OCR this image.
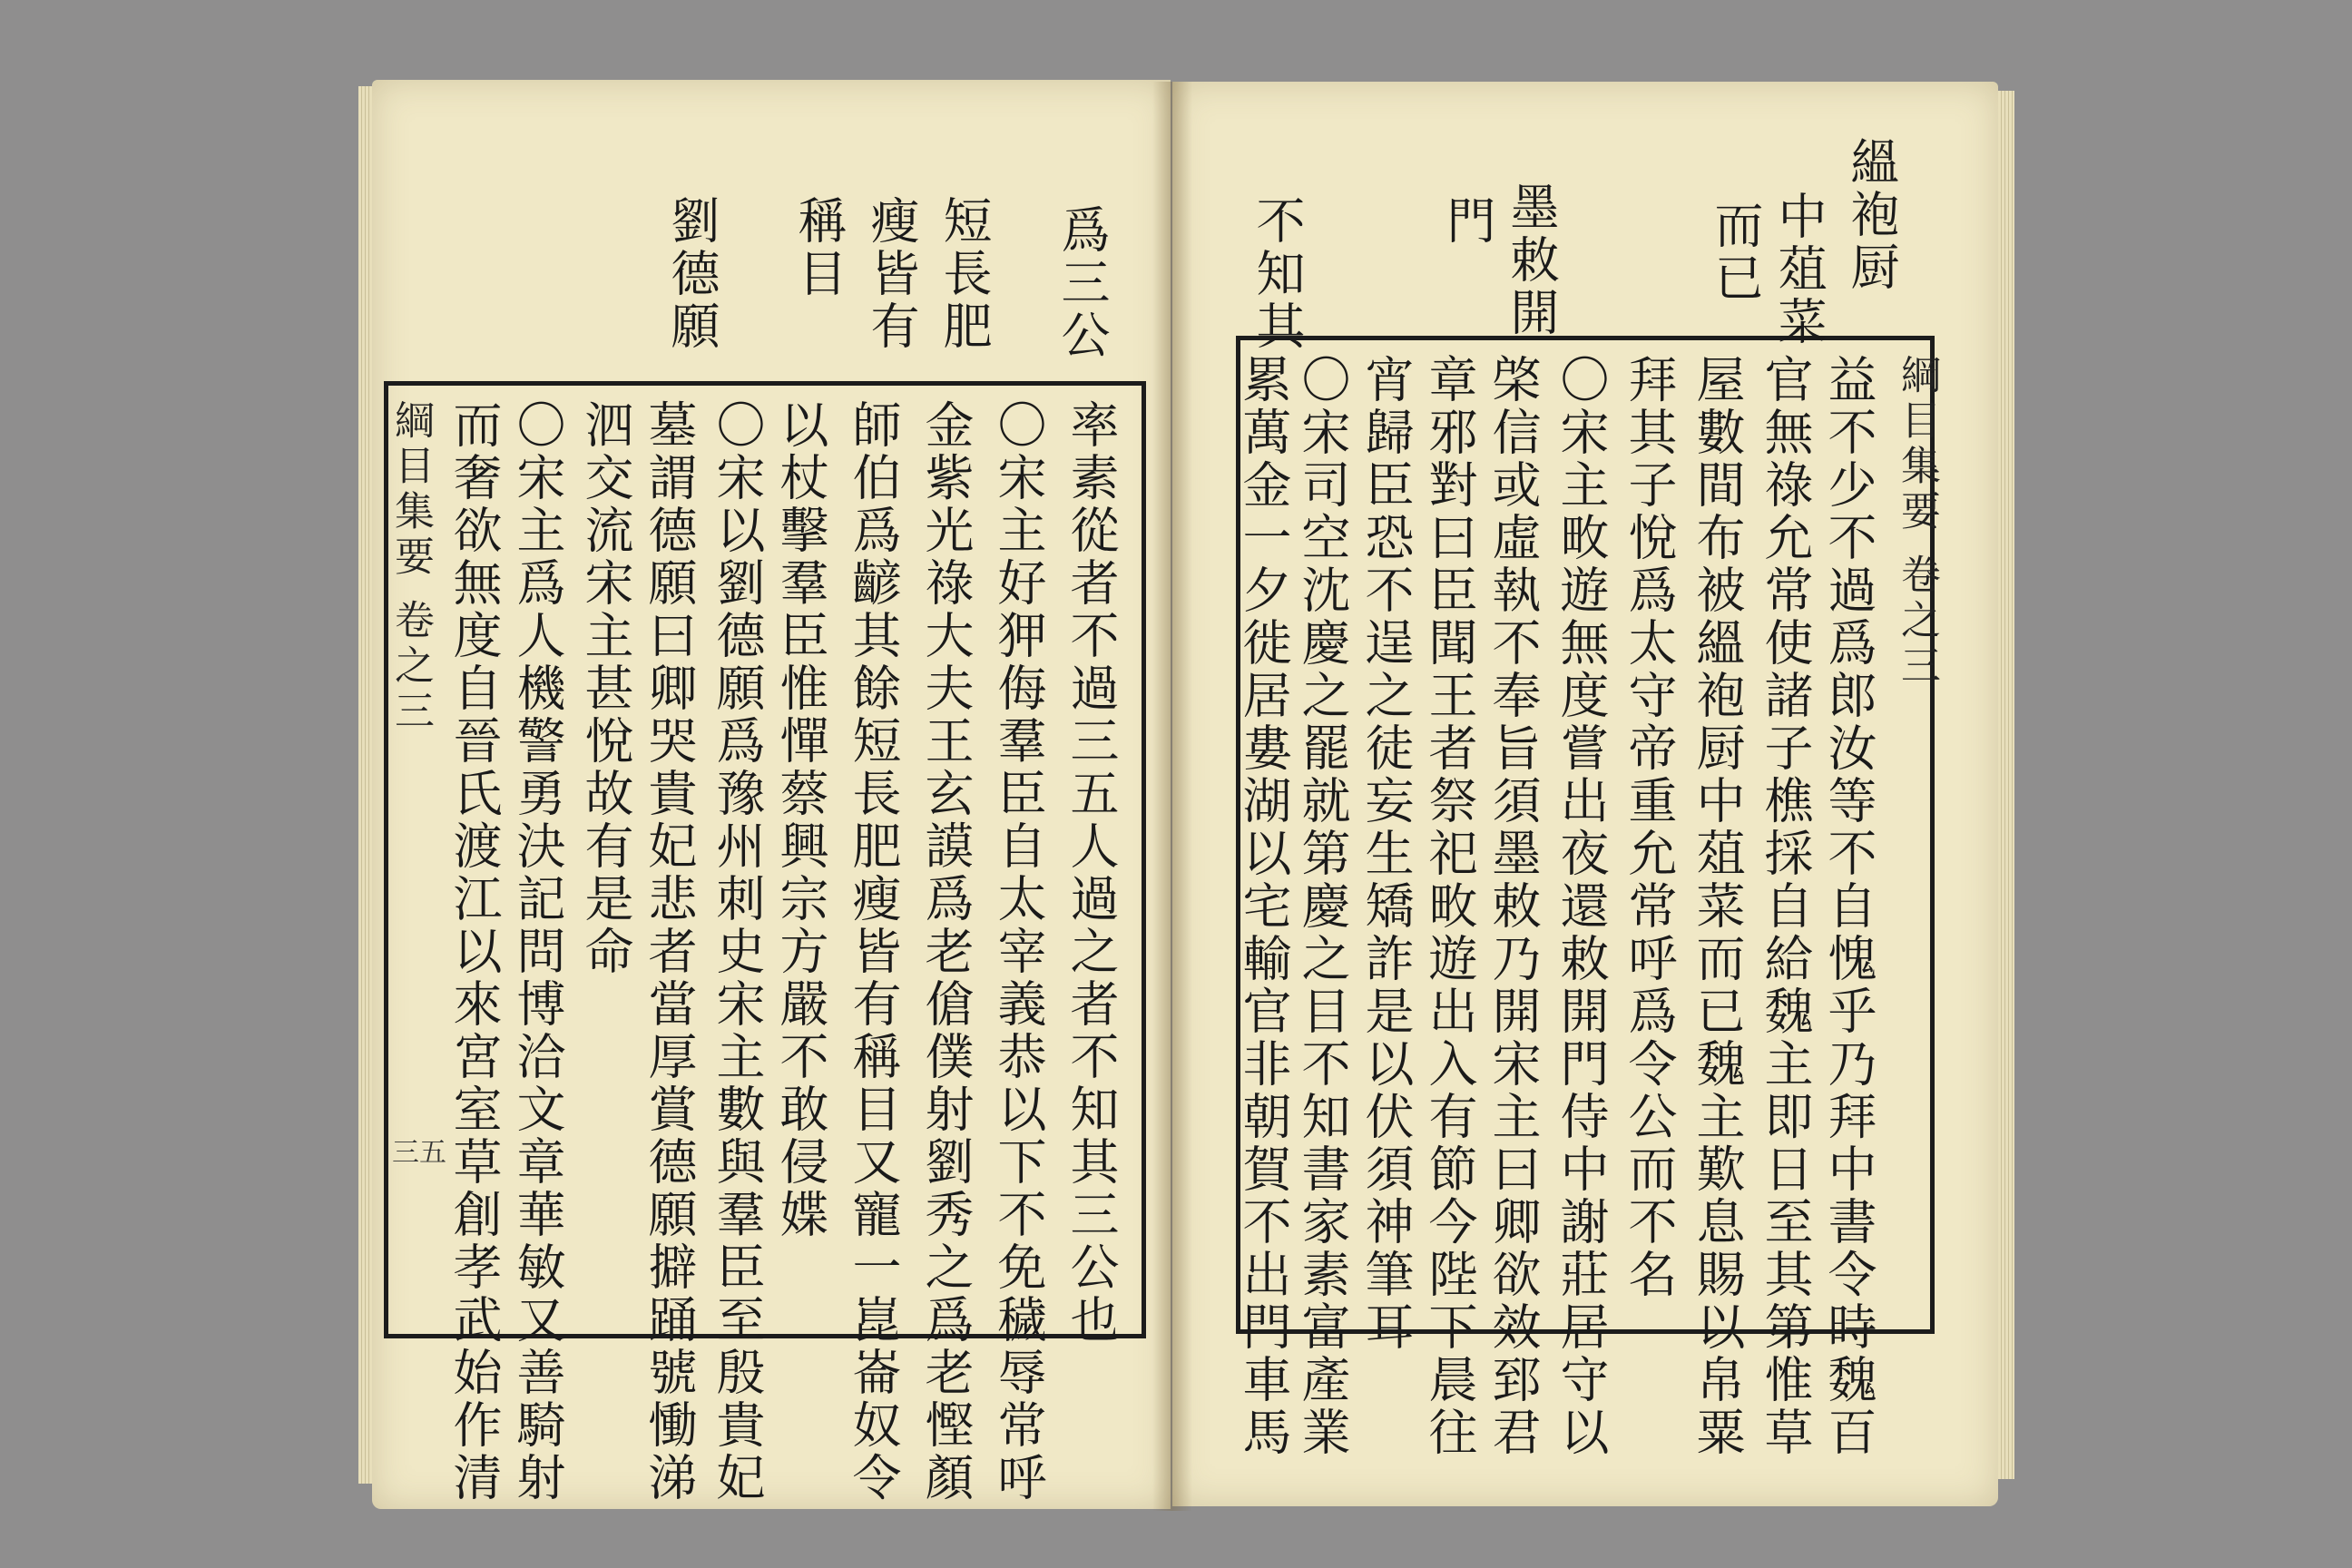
爲三公
短長肥
瘦皆有
稱目
劉德願
綱目集要 卷之三
三五	率素從者不過三五人過之者不知其三公也
〇宋主好狎侮羣臣自太宰義恭以下不免穢辱常呼
金紫光祿大夫王玄謨爲老傖僕射劉秀之爲老慳顏
師伯爲齴其餘短長肥瘦皆有稱目又寵一崑崙奴令
以杖擊羣臣惟憚蔡興宗方嚴不敢侵媟
〇宋以劉德願爲豫州刺史宋主數與羣臣至殷貴妃
墓謂德願曰卿哭貴妃悲者當厚賞德願擗踊號慟涕
泗交流宋主甚悅故有是命
〇宋主爲人機警勇決記問博洽文章華敏又善騎射
而奢欲無度自晉氏渡江以來宮室草創孝武始作清
縕袍厨
中葅菜
而已
墨敕開
門
不知其
綱目集要 卷之三
益不少不過爲郎汝等不自愧乎乃拜中書令時魏百
官無祿允常使諸子樵採自給魏主即日至其第惟草
屋數間布被縕袍厨中葅菜而已魏主歎息賜以帛粟
拜其子悅爲太守帝重允常呼爲令公而不名
〇宋主畋遊無度嘗出夜還敕開門侍中謝莊居守以
棨信或虛執不奉旨須墨敕乃開宋主曰卿欲效郅君
章邪對曰臣聞王者祭祀畋遊出入有節今陛下晨往
宵歸臣恐不逞之徒妄生矯詐是以伏須神筆耳
〇宋司空沈慶之罷就第慶之目不知書家素富產業
累萬金一夕徙居婁湖以宅輸官非朝賀不出門車馬
